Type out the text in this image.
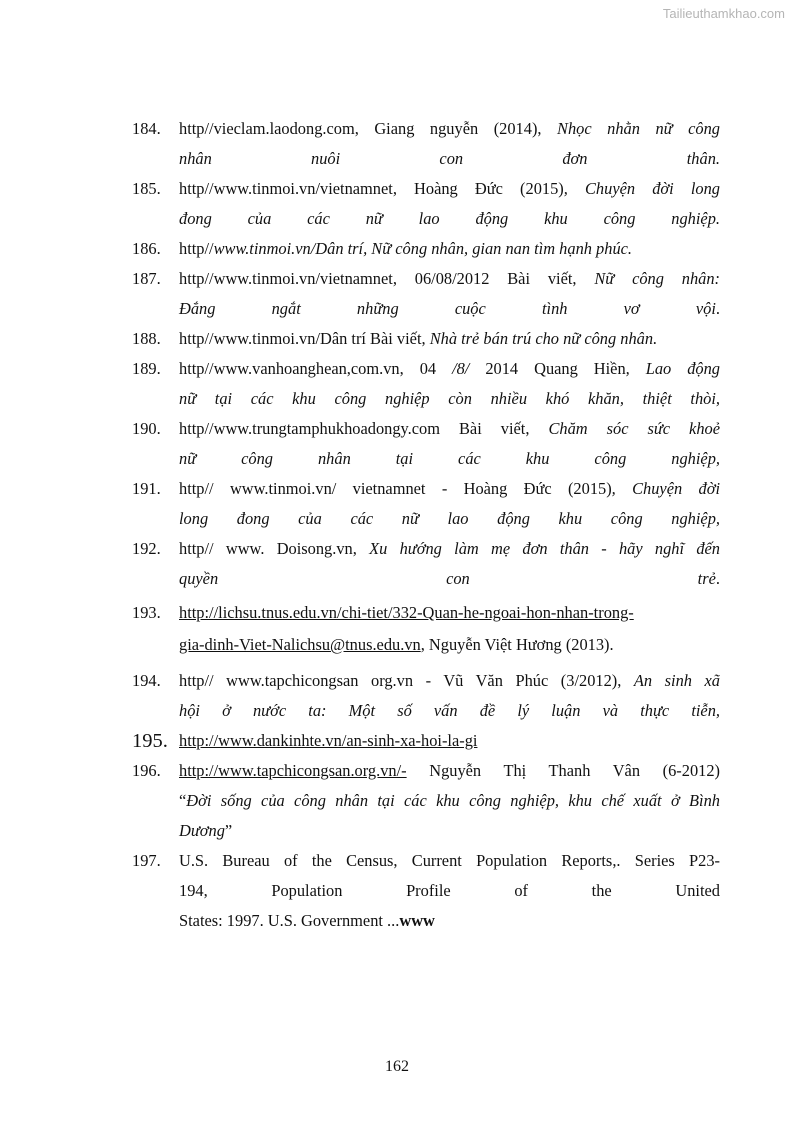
Tailieuthamkhao.com
184. http//vieclam.laodong.com, Giang nguyễn (2014), Nhọc nhằn nữ công
nhân nuôi con đơn thân.
185. http//www.tinmoi.vn/vietnamnet, Hoàng Đức (2015), Chuyện đời long
đong của các nữ lao động khu công nghiệp.
186. http//www.tinmoi.vn/Dân trí, Nữ công nhân, gian nan tìm hạnh phúc.
187. http//www.tinmoi.vn/vietnamnet, 06/08/2012 Bài viết, Nữ công nhân:
Đắng ngắt những cuộc tình vơ vội.
188. http//www.tinmoi.vn/Dân trí Bài viết, Nhà trẻ bán trú cho nữ công nhân.
189. http//www.vanhoanghean,com.vn, 04 /8/ 2014 Quang Hiền, Lao động
nữ tại các khu công nghiệp còn nhiều khó khăn, thiệt thòi,
190. http//www.trungtamphukhoadongy.com Bài viết, Chăm sóc sức khoẻ
nữ công nhân tại các khu công nghiệp,
191. http// www.tinmoi.vn/ vietnamnet - Hoàng Đức (2015), Chuyện đời
long đong của các nữ lao động khu công nghiệp,
192. http// www. Doisong.vn, Xu hướng làm mẹ đơn thân - hãy nghĩ đến
quyền con trẻ.
193. http://lichsu.tnus.edu.vn/chi-tiet/332-Quan-he-ngoai-hon-nhan-trong-
gia-dinh-Viet-Nalichsu@tnus.edu.vn, Nguyễn Việt Hương (2013).
194. http// www.tapchicongsan org.vn - Vũ Văn Phúc (3/2012), An sinh xã
hội ở nước ta: Một số vấn đề lý luận và thực tiễn,
195. http://www.dankinhte.vn/an-sinh-xa-hoi-la-gi
196. http://www.tapchicongsan.org.vn/- Nguyễn Thị Thanh Vân (6-2012)
“Đời sống của công nhân tại các khu công nghiệp, khu chế xuất ở Bình
Dương”
197. U.S. Bureau of the Census, Current Population Reports,. Series P23-
194, Population Profile of the United
States: 1997. U.S. Government ...www
162
